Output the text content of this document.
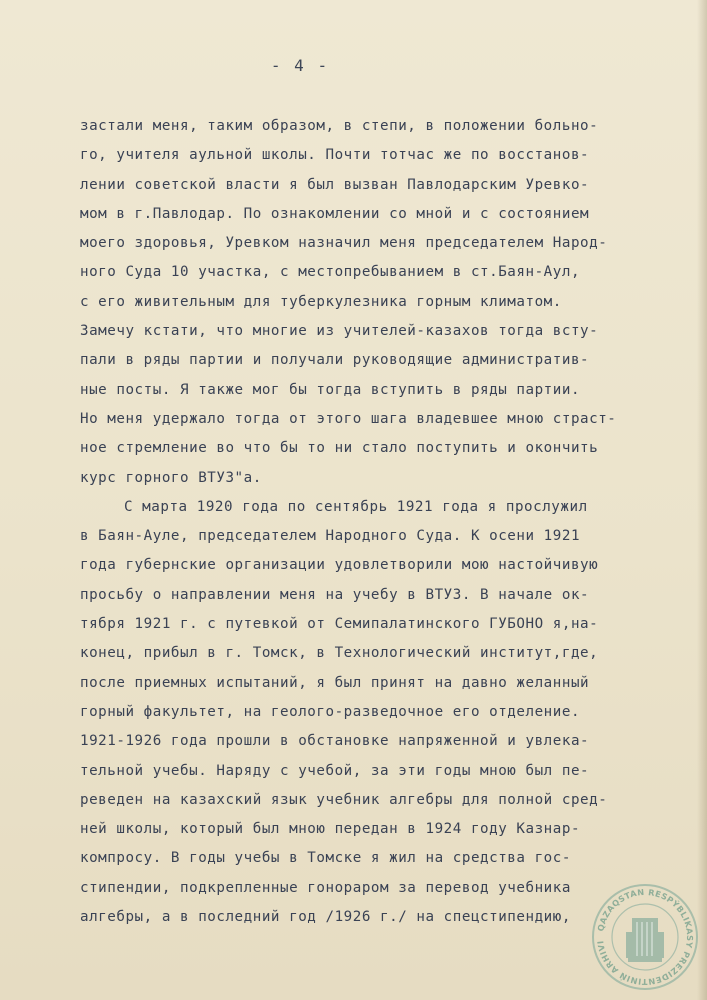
- 4 -
застали меня, таким образом, в степи, в положении больно-
го, учителя аульной школы. Почти тотчас же по восстанов-
лении советской власти я был вызван Павлодарским Уревко-
мом в г.Павлодар. По ознакомлении со мной и с состоянием
моего здоровья, Уревком назначил меня председателем Народ-
ного Суда 10 участка, с местопребыванием в ст.Баян-Аул,
с его живительным для туберкулезника горным климатом.
Замечу кстати, что многие из учителей-казахов тогда всту-
пали в ряды партии и получали руководящие административ-
ные посты. Я также мог бы тогда вступить в ряды партии.
Но меня удержало тогда от этого шага владевшее мною страст-
ное стремление во что бы то ни стало поступить и окончить
курс горного ВТУЗ"а.
С марта 1920 года по сентябрь 1921 года я прослужил
в Баян-Ауле, председателем Народного Суда. К осени 1921
года губернские организации удовлетворили мою настойчивую
просьбу о направлении меня на учебу в ВТУЗ. В начале ок-
тября 1921 г. с путевкой от Семипалатинского ГУБОНО я,на-
конец, прибыл в г. Томск, в Технологический институт,где,
после приемных испытаний, я был принят на давно желанный
горный факультет, на геолого-разведочное его отделение.
1921-1926 года прошли в обстановке напряженной и увлека-
тельной учебы. Наряду с учебой, за эти годы мною был пе-
реведен на казахский язык учебник алгебры для полной сред-
ней школы, который был мною передан в 1924 году Казнар-
компросу. В годы учебы в Томске я жил на средства гос-
стипендии, подкрепленные гонораром за перевод учебника
алгебры, а в последний год /1926 г./ на спецстипендию,
QAZAQSTAN RESPÝBLIKASY PREZIDENTINIŃ ARHIVI
